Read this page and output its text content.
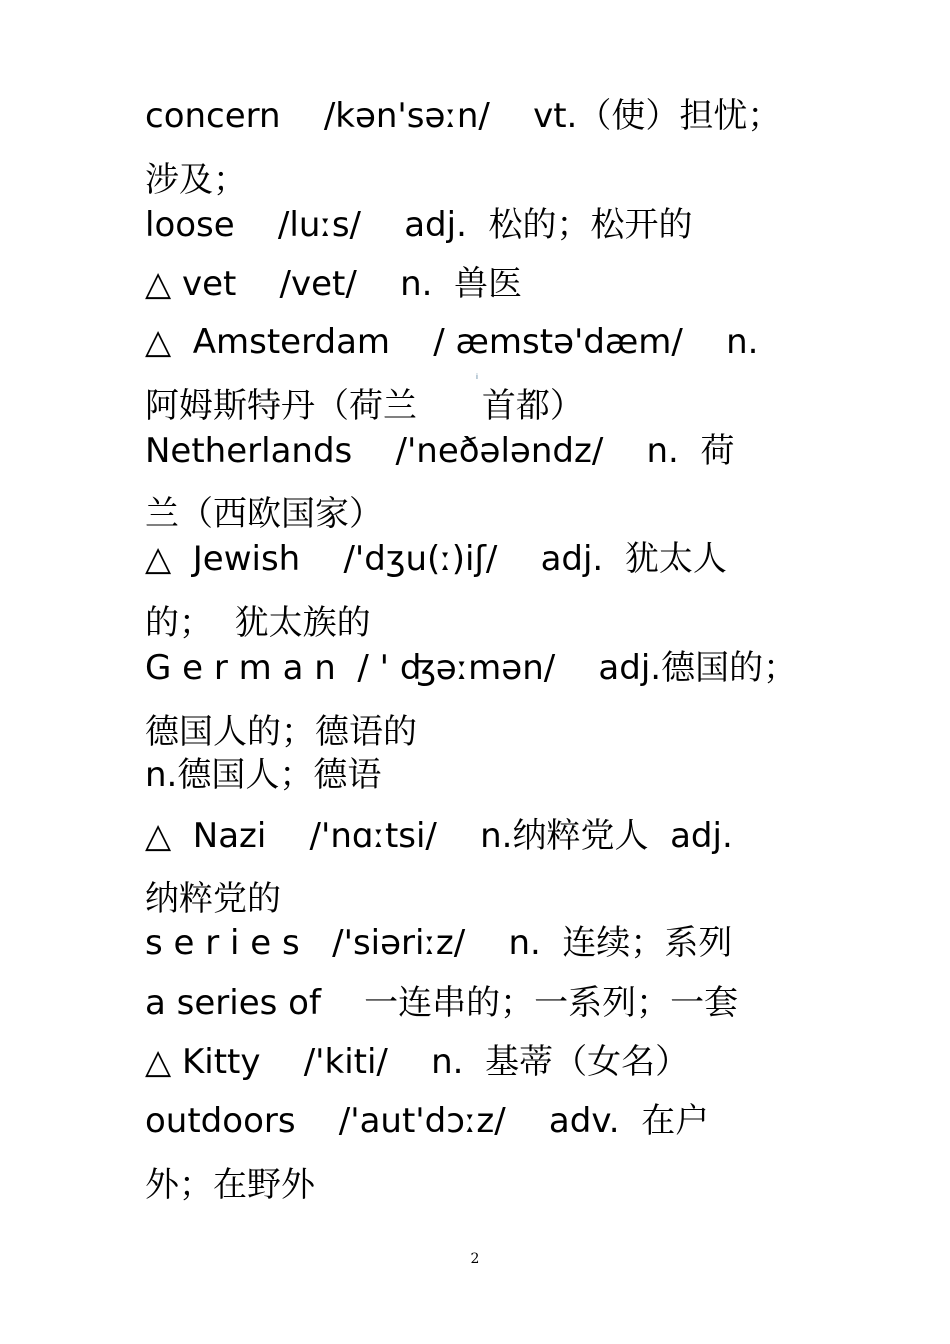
concern    /kən'səːn/    vt.（使）担忧；
涉及；
loose    /luːs/    adj.  松的；松开的
△ vet    /vet/    n.  兽医
△  Amsterdam    / æmstə'dæm/    n.
阿姆斯特丹（荷兰      首都）
Netherlands    /'neðələndz/    n.  荷
兰（西欧国家）
△  Jewish    /'dʒu(ː)iʃ/    adj.  犹太人
的；  犹太族的
G e r m a n  / ' ʤəːmən/    adj.德国的；
德国人的；德语的
n.德国人；德语
△  Nazi    /'nɑːtsi/    n.纳粹党人  adj.
纳粹党的
s e r i e s   /'siəriːz/    n.  连续；系列
a series of    一连串的；一系列；一套
△ Kitty    /'kiti/    n.  基蒂（女名）
outdoors    /'aut'dɔːz/    adv.  在户
外；在野外
i
2
